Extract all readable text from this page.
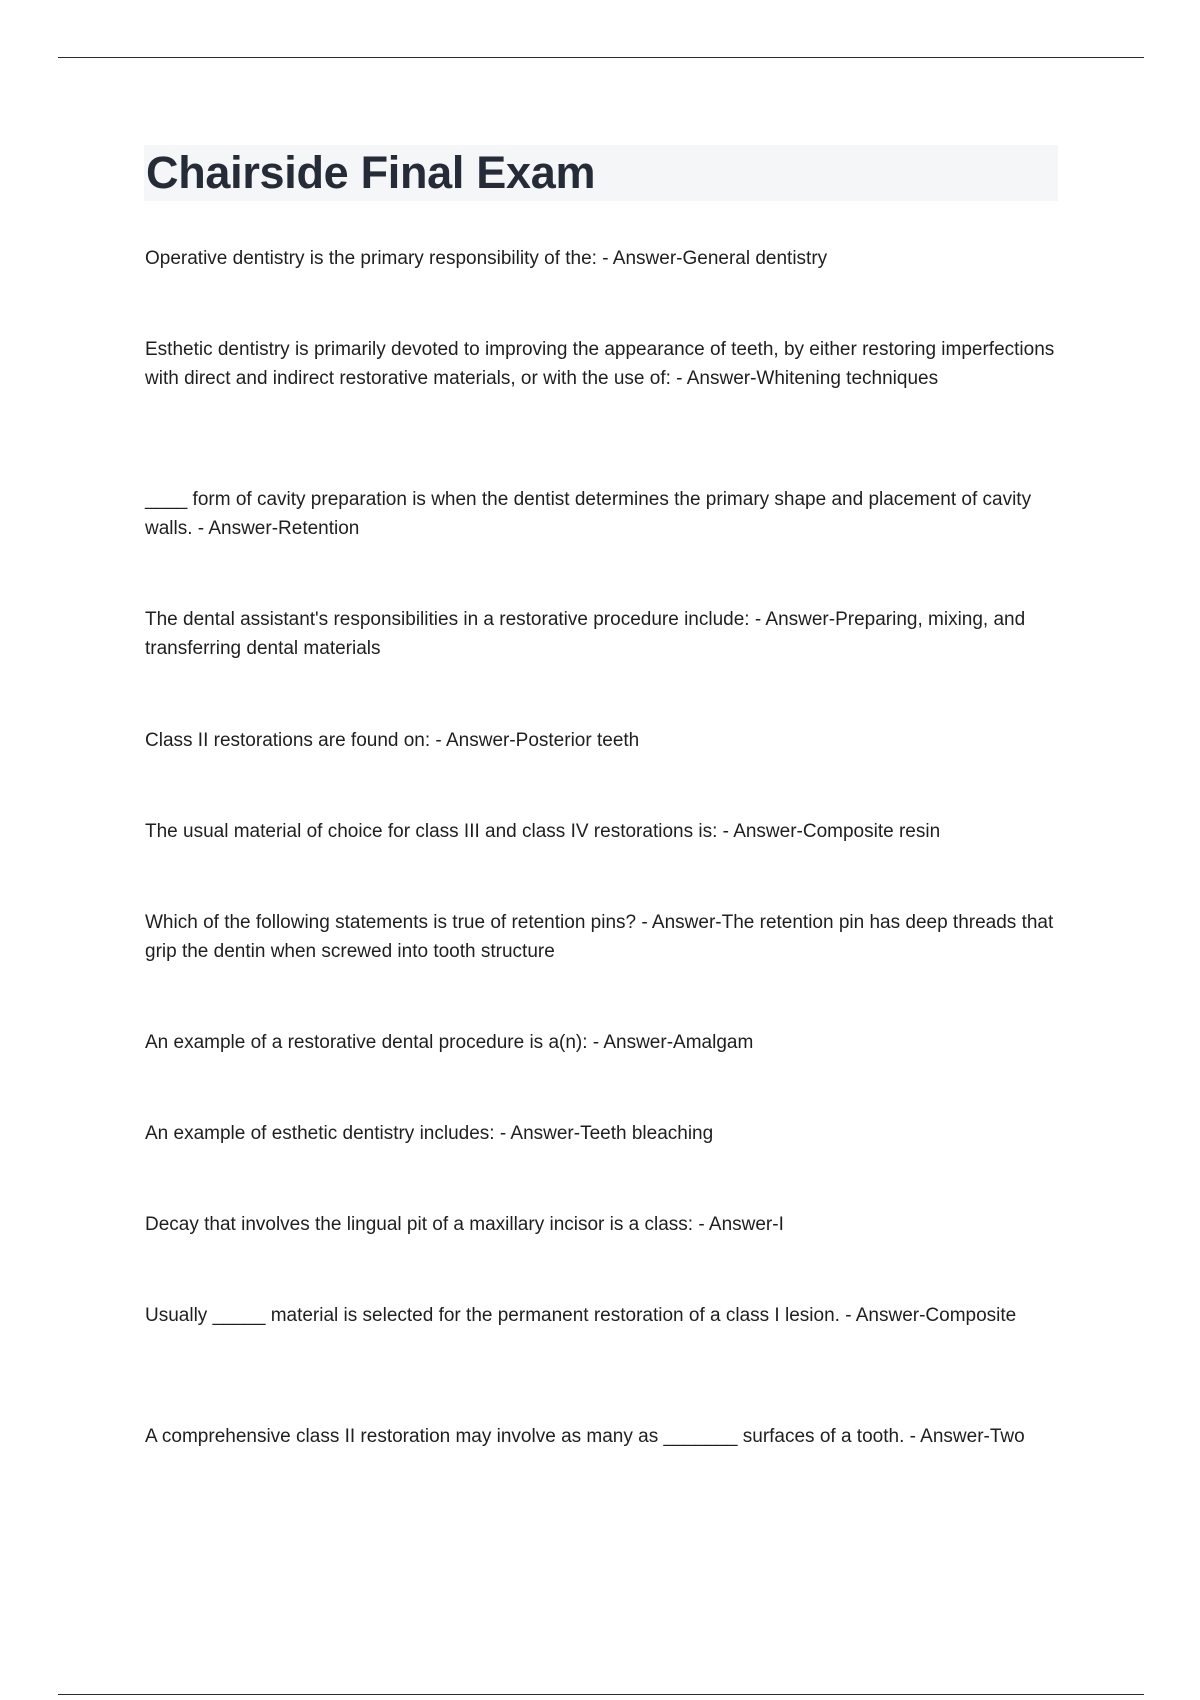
Chairside Final Exam
Operative dentistry is the primary responsibility of the: - Answer-General dentistry
Esthetic dentistry is primarily devoted to improving the appearance of teeth, by either restoring imperfections with direct and indirect restorative materials, or with the use of: - Answer-Whitening techniques
____ form of cavity preparation is when the dentist determines the primary shape and placement of cavity walls. - Answer-Retention
The dental assistant's responsibilities in a restorative procedure include: - Answer-Preparing, mixing, and transferring dental materials
Class II restorations are found on: - Answer-Posterior teeth
The usual material of choice for class III and class IV restorations is: - Answer-Composite resin
Which of the following statements is true of retention pins? - Answer-The retention pin has deep threads that grip the dentin when screwed into tooth structure
An example of a restorative dental procedure is a(n): - Answer-Amalgam
An example of esthetic dentistry includes: - Answer-Teeth bleaching
Decay that involves the lingual pit of a maxillary incisor is a class: - Answer-I
Usually _____ material is selected for the permanent restoration of a class I lesion. - Answer-Composite
A comprehensive class II restoration may involve as many as _______ surfaces of a tooth. - Answer-Two
